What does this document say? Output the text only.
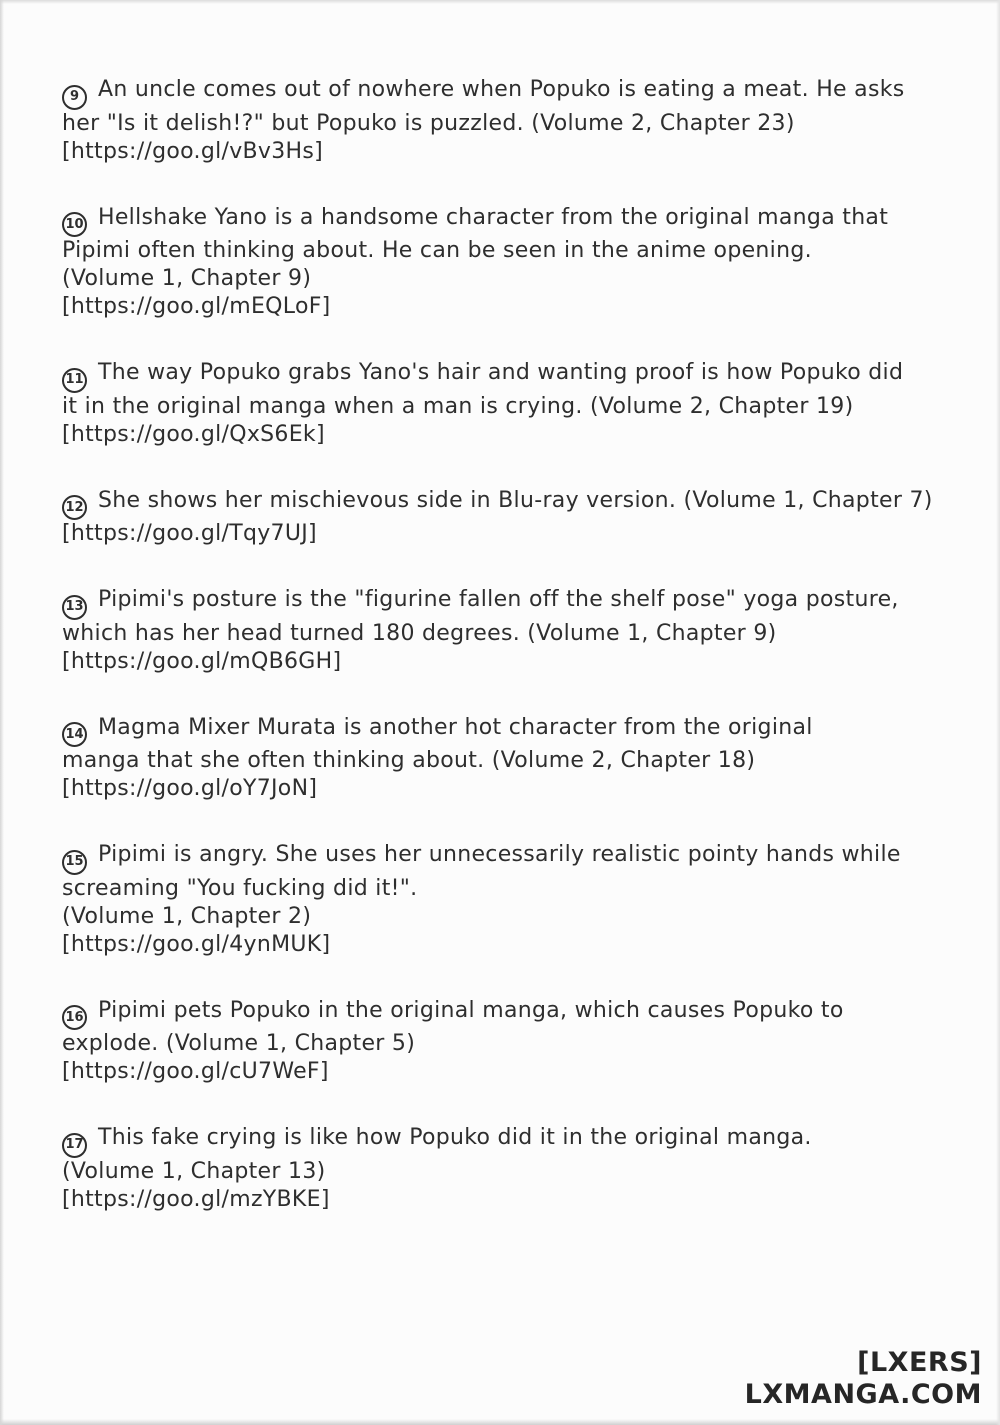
9 An uncle comes out of nowhere when Popuko is eating a meat. He asks
her "Is it delish!?" but Popuko is puzzled. (Volume 2, Chapter 23)
[https://goo.gl/vBv3Hs]
10 Hellshake Yano is a handsome character from the original manga that
Pipimi often thinking about. He can be seen in the anime opening.
(Volume 1, Chapter 9)
[https://goo.gl/mEQLoF]
11 The way Popuko grabs Yano's hair and wanting proof is how Popuko did
it in the original manga when a man is crying. (Volume 2, Chapter 19)
[https://goo.gl/QxS6Ek]
12 She shows her mischievous side in Blu-ray version. (Volume 1, Chapter 7)
[https://goo.gl/Tqy7UJ]
13 Pipimi's posture is the "figurine fallen off the shelf pose" yoga posture,
which has her head turned 180 degrees. (Volume 1, Chapter 9)
[https://goo.gl/mQB6GH]
14 Magma Mixer Murata is another hot character from the original
manga that she often thinking about. (Volume 2, Chapter 18)
[https://goo.gl/oY7JoN]
15 Pipimi is angry. She uses her unnecessarily realistic pointy hands while
screaming "You fucking did it!".
(Volume 1, Chapter 2)
[https://goo.gl/4ynMUK]
16 Pipimi pets Popuko in the original manga, which causes Popuko to
explode. (Volume 1, Chapter 5)
[https://goo.gl/cU7WeF]
17 This fake crying is like how Popuko did it in the original manga.
(Volume 1, Chapter 13)
[https://goo.gl/mzYBKE]
[LXERS]
LXMANGA.COM
